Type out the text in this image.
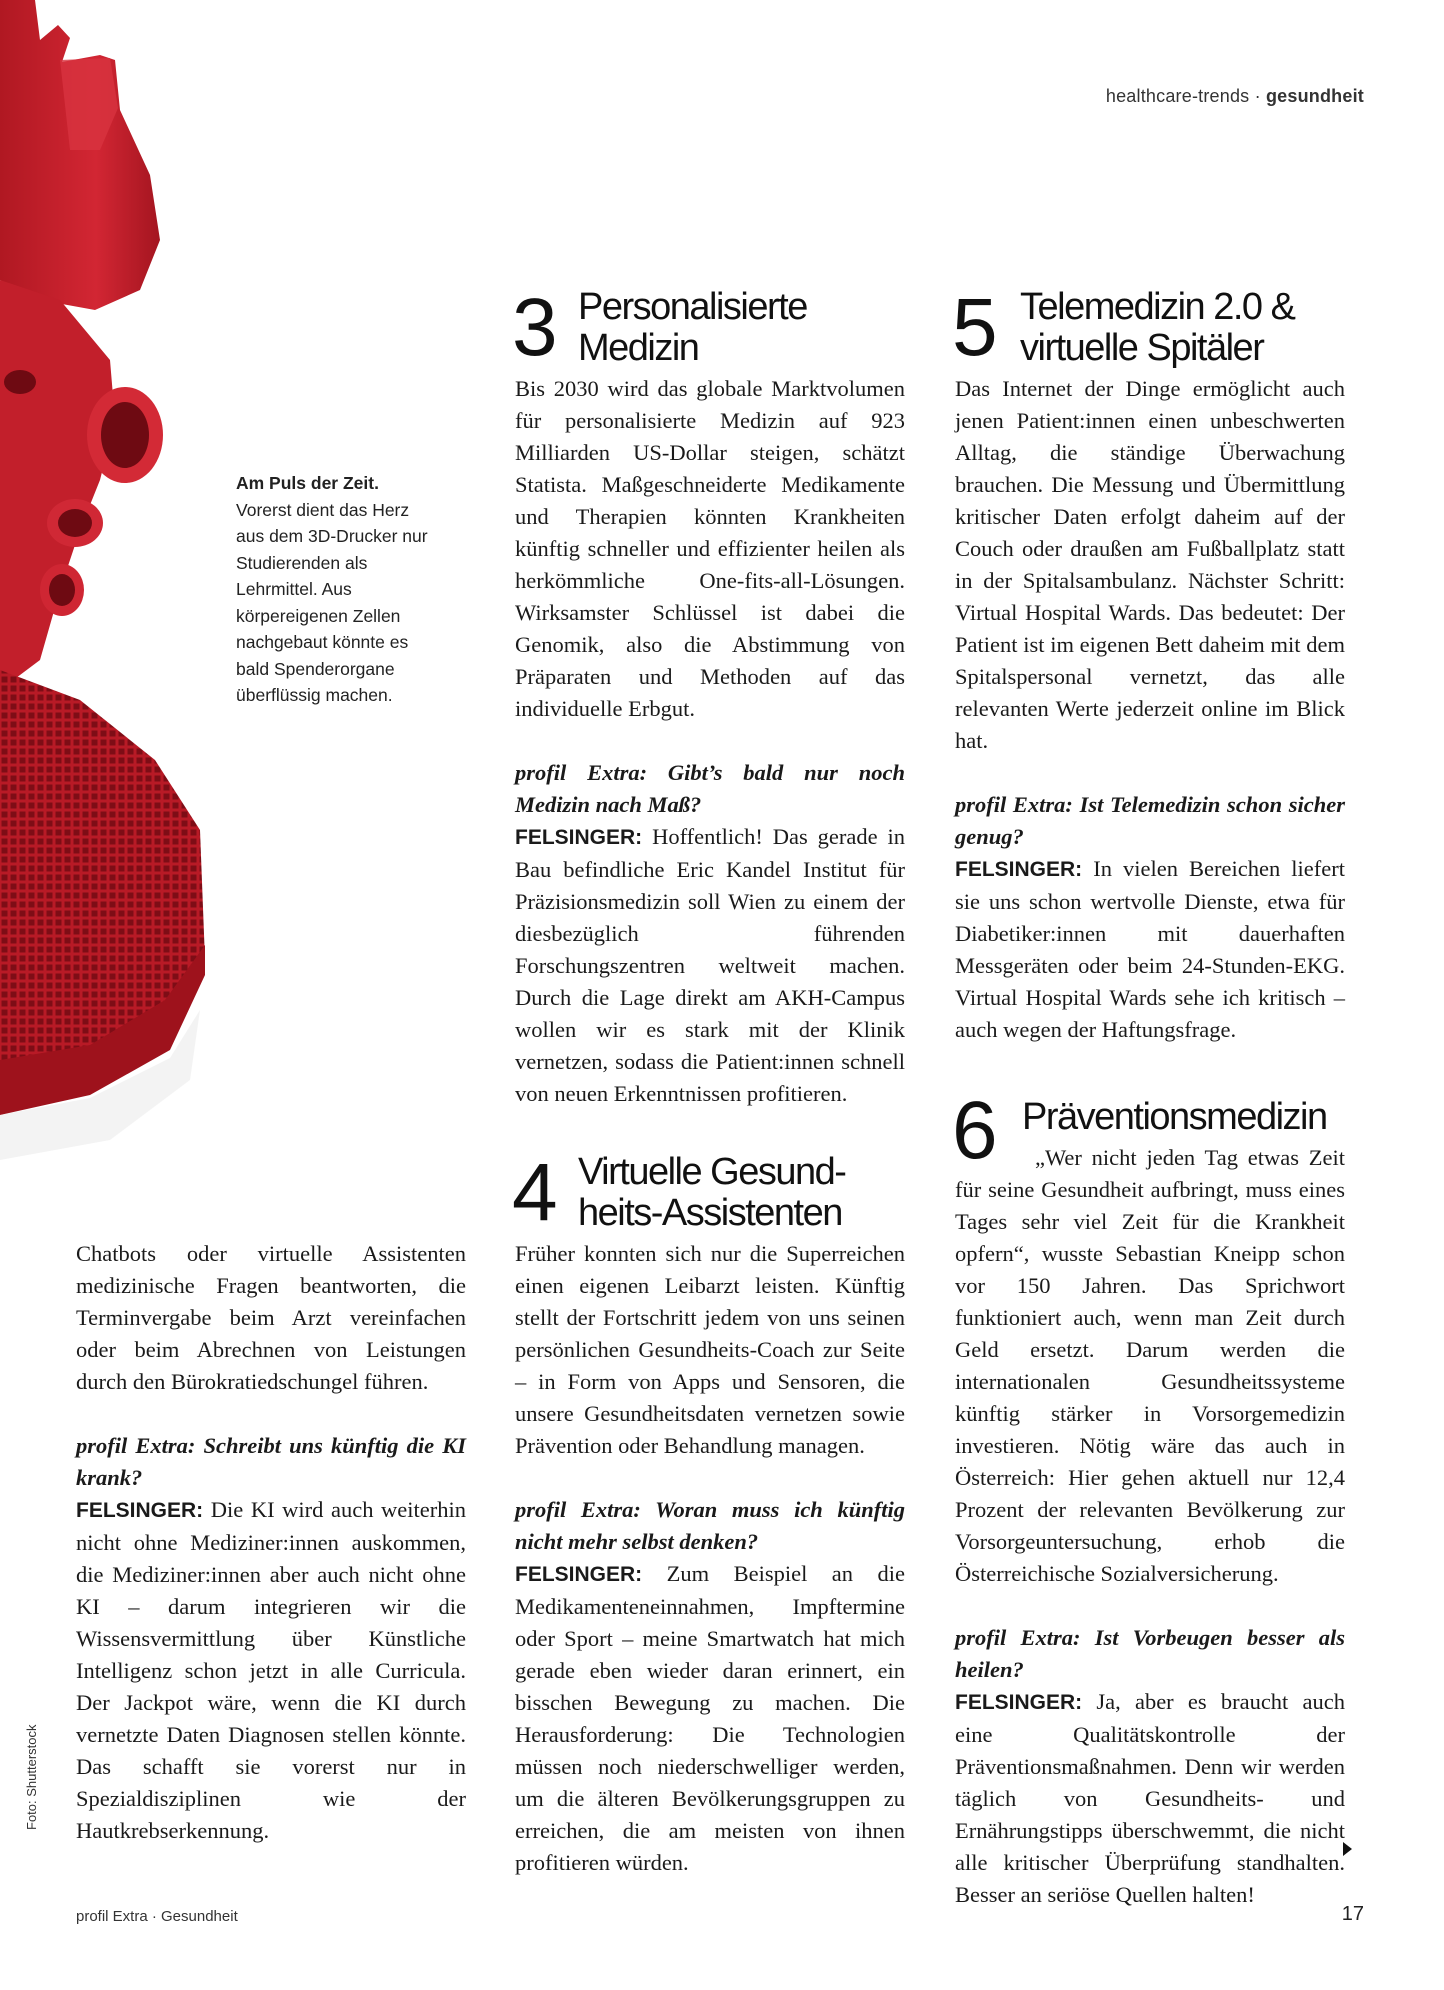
healthcare-trends · gesundheit
Am Puls der Zeit.
Vorerst dient das Herz aus dem 3D-Drucker nur Studierenden als Lehrmittel. Aus körpereigenen Zellen nachgebaut könnte es bald Spenderorgane überflüssig machen.

Chatbots oder virtuelle Assistenten medizinische Fragen beantworten, die Terminvergabe beim Arzt vereinfachen oder beim Abrechnen von Leistungen durch den Bürokratiedschungel führen.

profil Extra: Schreibt uns künftig die KI krank?

FELSINGER: Die KI wird auch weiterhin nicht ohne Mediziner:innen auskommen, die Mediziner:innen aber auch nicht ohne KI – darum integrieren wir die Wissensvermittlung über Künstliche Intelligenz schon jetzt in alle Curricula. Der Jackpot wäre, wenn die KI durch vernetzte Daten Diagnosen stellen könnte. Das schafft sie vorerst nur in Spezialdisziplinen wie der Hautkrebserkennung.

3 Personalisierte
Medizin

Bis 2030 wird das globale Marktvolumen für personalisierte Medizin auf 923 Milliarden US-Dollar steigen, schätzt Statista. Maßgeschneiderte Medikamente und Therapien könnten Krankheiten künftig schneller und effizienter heilen als herkömmliche One-fits-all-Lösungen. Wirksamster Schlüssel ist dabei die Genomik, also die Abstimmung von Präparaten und Methoden auf das individuelle Erbgut.

profil Extra: Gibt’s bald nur noch Medizin nach Maß?

FELSINGER: Hoffentlich! Das gerade in Bau befindliche Eric Kandel Institut für Präzisionsmedizin soll Wien zu einem der diesbezüglich führenden Forschungszentren weltweit machen. Durch die Lage direkt am AKH-Campus wollen wir es stark mit der Klinik vernetzen, sodass die Patient:innen schnell von neuen Erkenntnissen profitieren.

4 Virtuelle Gesund-
heits-Assistenten

Früher konnten sich nur die Superreichen einen eigenen Leibarzt leisten. Künftig stellt der Fortschritt jedem von uns seinen persönlichen Gesundheits-Coach zur Seite – in Form von Apps und Sensoren, die unsere Gesundheitsdaten vernetzen sowie Prävention oder Behandlung managen.

profil Extra: Woran muss ich künftig nicht mehr selbst denken?

FELSINGER: Zum Beispiel an die Medikamenteneinnahmen, Impftermine oder Sport – meine Smartwatch hat mich gerade eben wieder daran erinnert, ein bisschen Bewegung zu machen. Die Herausforderung: Die Technologien müssen noch niederschwelliger werden, um die älteren Bevölkerungsgruppen zu erreichen, die am meisten von ihnen profitieren würden.

5 Telemedizin 2.0 &
virtuelle Spitäler

Das Internet der Dinge ermöglicht auch jenen Patient:innen einen unbeschwerten Alltag, die ständige Überwachung brauchen. Die Messung und Übermittlung kritischer Daten erfolgt daheim auf der Couch oder draußen am Fußballplatz statt in der Spitalsambulanz. Nächster Schritt: Virtual Hospital Wards. Das bedeutet: Der Patient ist im eigenen Bett daheim mit dem Spitalspersonal vernetzt, das alle relevanten Werte jederzeit online im Blick hat.

profil Extra: Ist Telemedizin schon sicher genug?

FELSINGER: In vielen Bereichen liefert sie uns schon wertvolle Dienste, etwa für Diabetiker:innen mit dauerhaften Messgeräten oder beim 24-Stunden-EKG. Virtual Hospital Wards sehe ich kritisch – auch wegen der Haftungsfrage.

6 Präventionsmedizin

„Wer nicht jeden Tag etwas Zeit für seine Gesundheit aufbringt, muss eines Tages sehr viel Zeit für die Krankheit opfern“, wusste Sebastian Kneipp schon vor 150 Jahren. Das Sprichwort funktioniert auch, wenn man Zeit durch Geld ersetzt. Darum werden die internationalen Gesundheitssysteme künftig stärker in Vorsorgemedizin investieren. Nötig wäre das auch in Österreich: Hier gehen aktuell nur 12,4 Prozent der relevanten Bevölkerung zur Vorsorgeuntersuchung, erhob die Österreichische Sozialversicherung.

profil Extra: Ist Vorbeugen besser als heilen?

FELSINGER: Ja, aber es braucht auch eine Qualitätskontrolle der Präventionsmaßnahmen. Denn wir werden täglich von Gesundheits- und Ernährungstipps überschwemmt, die nicht alle kritischer Überprüfung standhalten. Besser an seriöse Quellen halten!

Foto: Shutterstock
profil Extra · Gesundheit	17
